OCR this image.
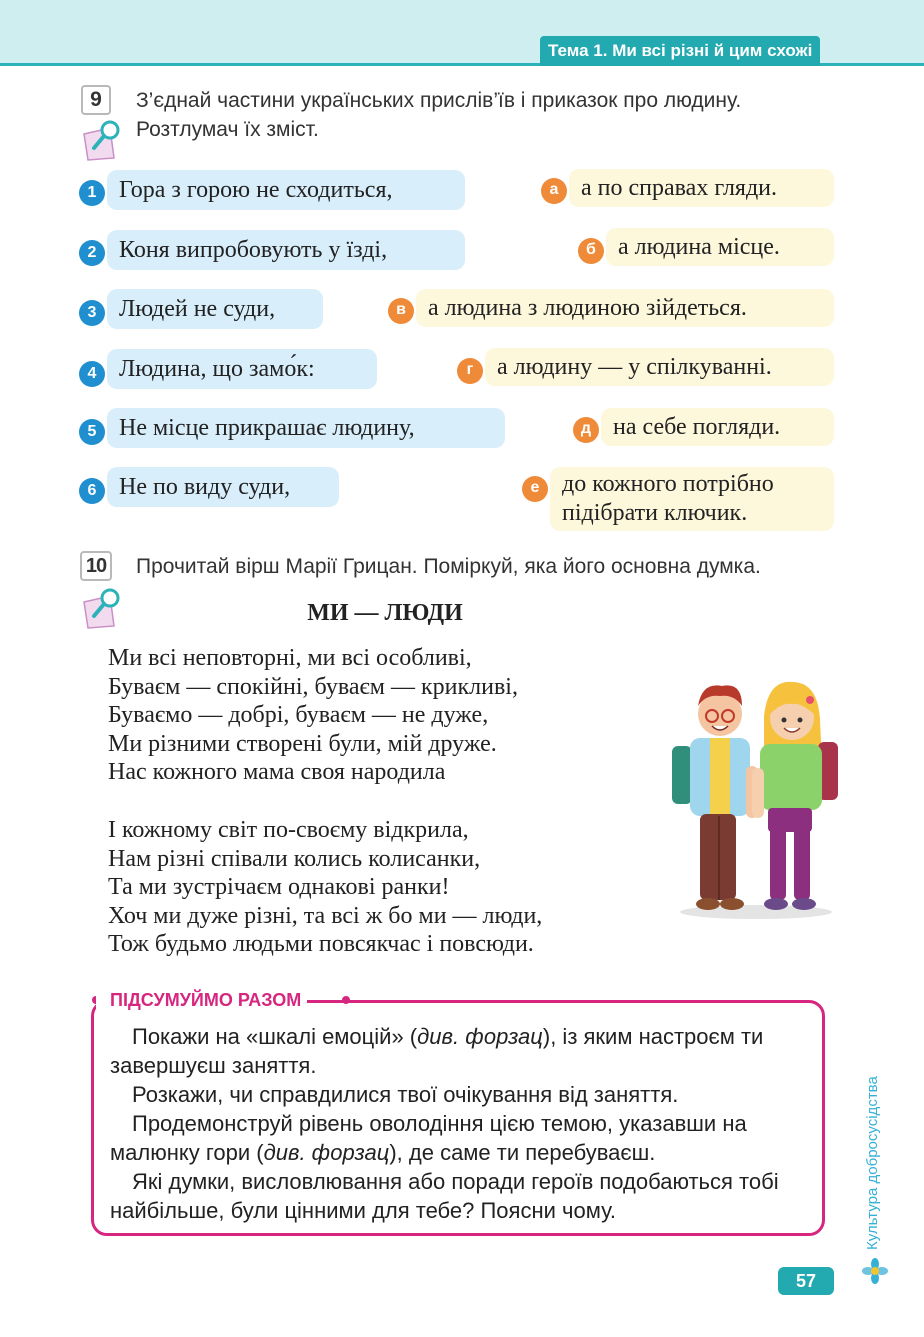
Тема 1. Ми всі різні й цим схожі
9	З’єднай частини українських прислів’їв і приказок про людину.
Розтлумач їх зміст.
1 Гора з горою не сходиться,
2 Коня випробовують у їзді,
3 Людей не суди,
4 Людина, що замо́к:
5 Не місце прикрашає людину,
6 Не по виду суди,
а а по справах гляди.
б а людина місце.
в а людина з людиною зійдеться.
г а людину — у спілкуванні.
д на себе погляди.
е до кожного потрібно
підібрати ключик.
10 Прочитай вірш Марії Грицан. Поміркуй, яка його основна думка.
МИ — ЛЮДИ
Ми всі неповторні, ми всі особливі,
Буваєм — спокійні, буваєм — крикливі,
Буваємо — добрі, буваєм — не дуже,
Ми різними створені були, мій друже.
Нас кожного мама своя народила
І кожному світ по-своєму відкрила,
Нам різні співали колись колисанки,
Та ми зустрічаєм однакові ранки!
Хоч ми дуже різні, та всі ж бо ми — люди,
Тож будьмо людьми повсякчас і повсюди.
ПІДСУМУЙМО РАЗОМ

Покажи на «шкалі емоцій» (див. форзац), із яким настроєм ти завершуєш заняття.

Розкажи, чи справдилися твої очікування від заняття.

Продемонструй рівень оволодіння цією темою, указавши на малюнку гори (див. форзац), де саме ти перебуваєш.

Які думки, висловлювання або поради героїв подобаються тобі найбільше, були цінними для тебе? Поясни чому.	Культура добросусідства
57
